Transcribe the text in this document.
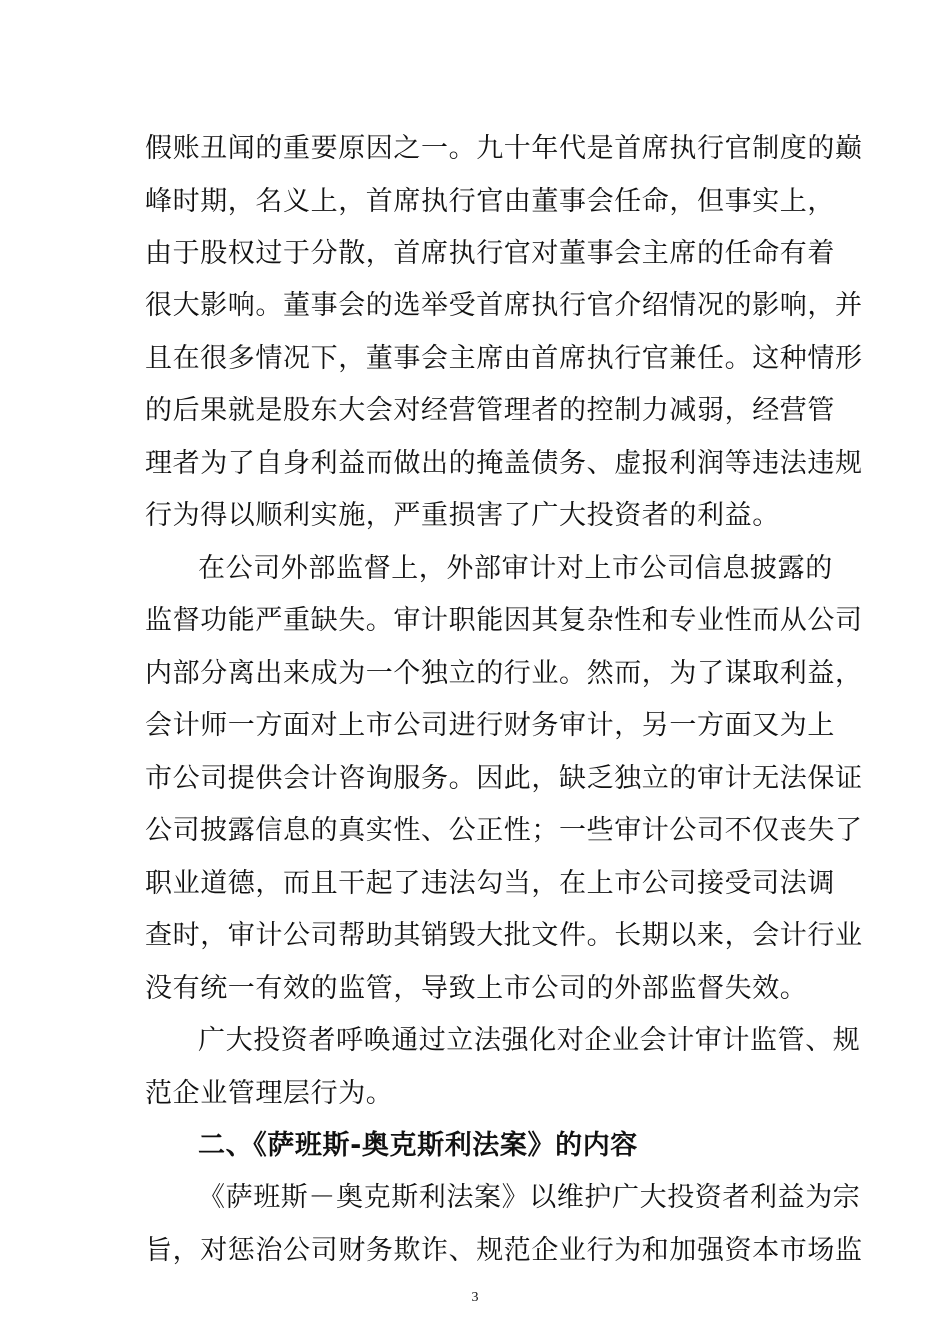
假账丑闻的重要原因之一。九十年代是首席执行官制度的巅
峰时期，名义上，首席执行官由董事会任命，但事实上，
由于股权过于分散，首席执行官对董事会主席的任命有着
很大影响。董事会的选举受首席执行官介绍情况的影响，并
且在很多情况下，董事会主席由首席执行官兼任。这种情形
的后果就是股东大会对经营管理者的控制力减弱，经营管
理者为了自身利益而做出的掩盖债务、虚报利润等违法违规
行为得以顺利实施，严重损害了广大投资者的利益。
在公司外部监督上，外部审计对上市公司信息披露的
监督功能严重缺失。审计职能因其复杂性和专业性而从公司
内部分离出来成为一个独立的行业。然而，为了谋取利益，
会计师一方面对上市公司进行财务审计，另一方面又为上
市公司提供会计咨询服务。因此，缺乏独立的审计无法保证
公司披露信息的真实性、公正性；一些审计公司不仅丧失了
职业道德，而且干起了违法勾当，在上市公司接受司法调
查时，审计公司帮助其销毁大批文件。长期以来，会计行业
没有统一有效的监管，导致上市公司的外部监督失效。
广大投资者呼唤通过立法强化对企业会计审计监管、规
范企业管理层行为。
二、《萨班斯-奥克斯利法案》的内容
《萨班斯－奥克斯利法案》以维护广大投资者利益为宗
旨，对惩治公司财务欺诈、规范企业行为和加强资本市场监
3
